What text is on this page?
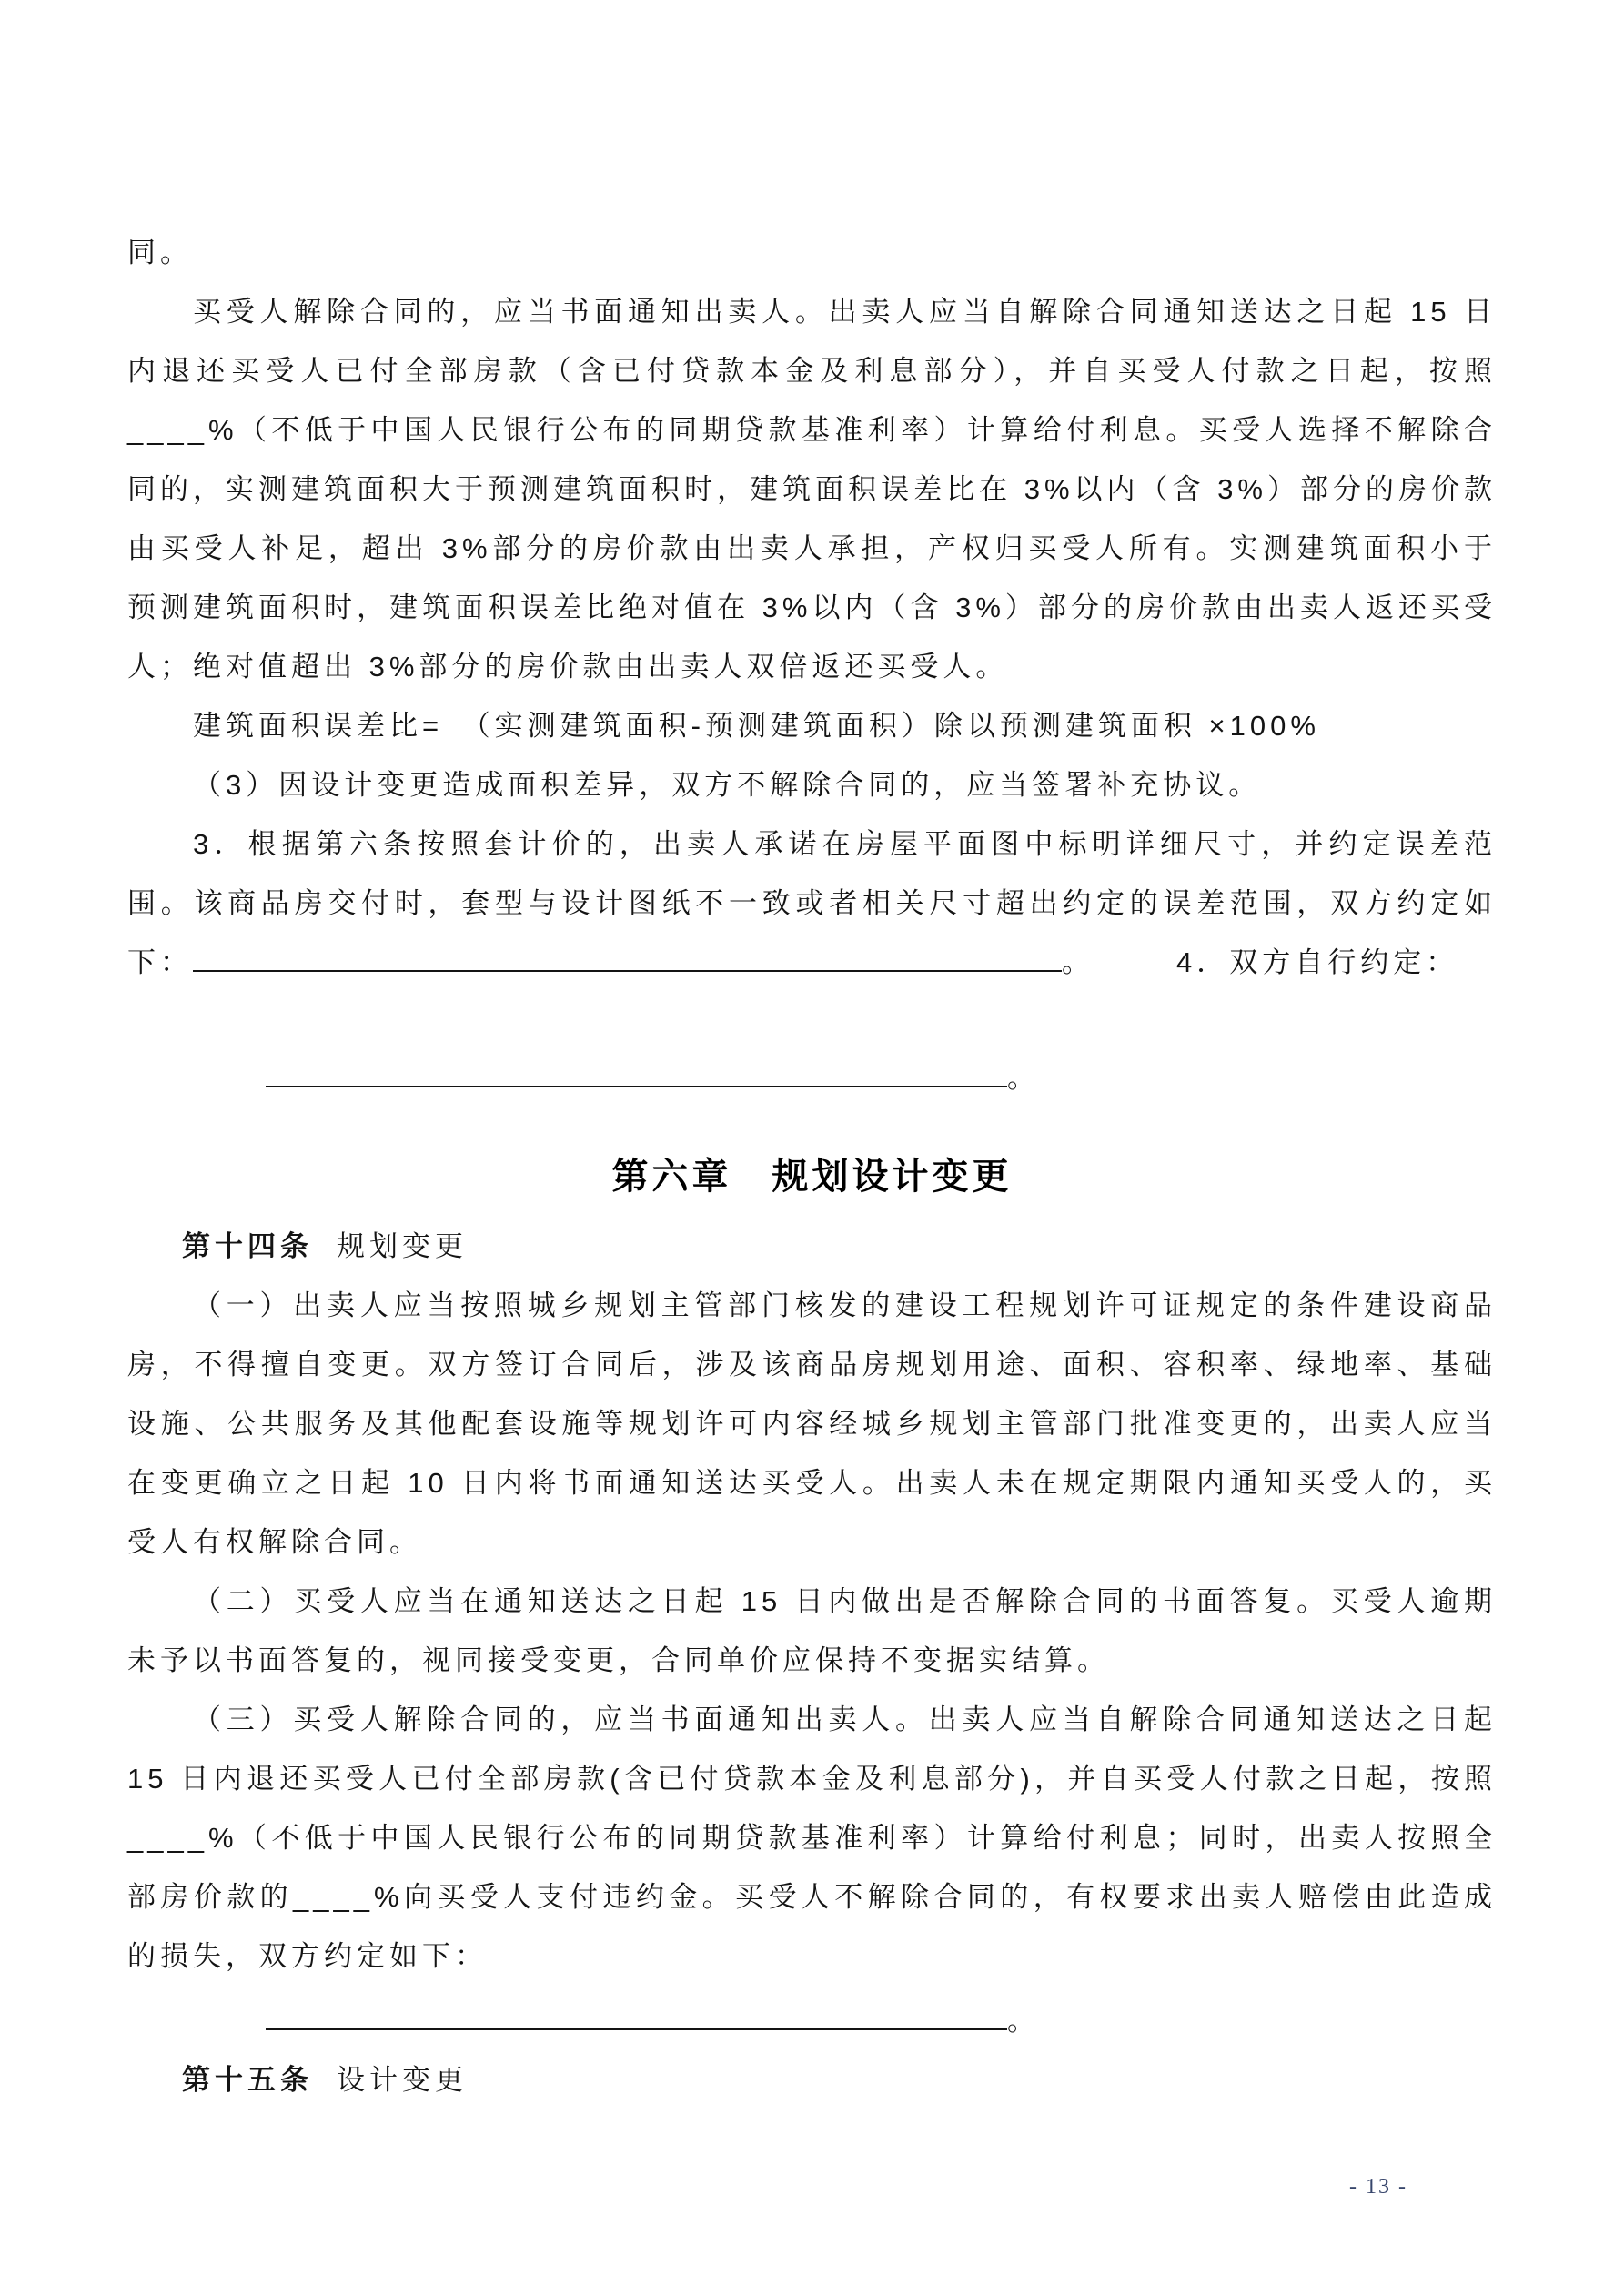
同。

买受人解除合同的，应当书面通知出卖人。出卖人应当自解除合同通知送达之日起 15 日内退还买受人已付全部房款（含已付贷款本金及利息部分），并自买受人付款之日起，按照____%（不低于中国人民银行公布的同期贷款基准利率）计算给付利息。买受人选择不解除合同的，实测建筑面积大于预测建筑面积时，建筑面积误差比在 3%以内（含 3%）部分的房价款由买受人补足，超出 3%部分的房价款由出卖人承担，产权归买受人所有。实测建筑面积小于预测建筑面积时，建筑面积误差比绝对值在 3%以内（含 3%）部分的房价款由出卖人返还买受人；绝对值超出 3%部分的房价款由出卖人双倍返还买受人。

建筑面积误差比=　（实测建筑面积-预测建筑面积）除以预测建筑面积 ×100%

（3）因设计变更造成面积差异，双方不解除合同的，应当签署补充协议。

3．根据第六条按照套计价的，出卖人承诺在房屋平面图中标明详细尺寸，并约定误差范围。该商品房交付时，套型与设计图纸不一致或者相关尺寸超出约定的误差范围，双方约定如下：	。	4．双方自行约定：

。

第六章　规划设计变更

第十四条 规划变更

（一）出卖人应当按照城乡规划主管部门核发的建设工程规划许可证规定的条件建设商品房，不得擅自变更。双方签订合同后，涉及该商品房规划用途、面积、容积率、绿地率、基础设施、公共服务及其他配套设施等规划许可内容经城乡规划主管部门批准变更的，出卖人应当在变更确立之日起 10 日内将书面通知送达买受人。出卖人未在规定期限内通知买受人的，买受人有权解除合同。

（二）买受人应当在通知送达之日起 15 日内做出是否解除合同的书面答复。买受人逾期未予以书面答复的，视同接受变更，合同单价应保持不变据实结算。

（三）买受人解除合同的，应当书面通知出卖人。出卖人应当自解除合同通知送达之日起 15 日内退还买受人已付全部房款(含已付贷款本金及利息部分)，并自买受人付款之日起，按照____%（不低于中国人民银行公布的同期贷款基准利率）计算给付利息；同时，出卖人按照全部房价款的____%向买受人支付违约金。买受人不解除合同的，有权要求出卖人赔偿由此造成的损失，双方约定如下：

。

第十五条 设计变更

- 13 -
